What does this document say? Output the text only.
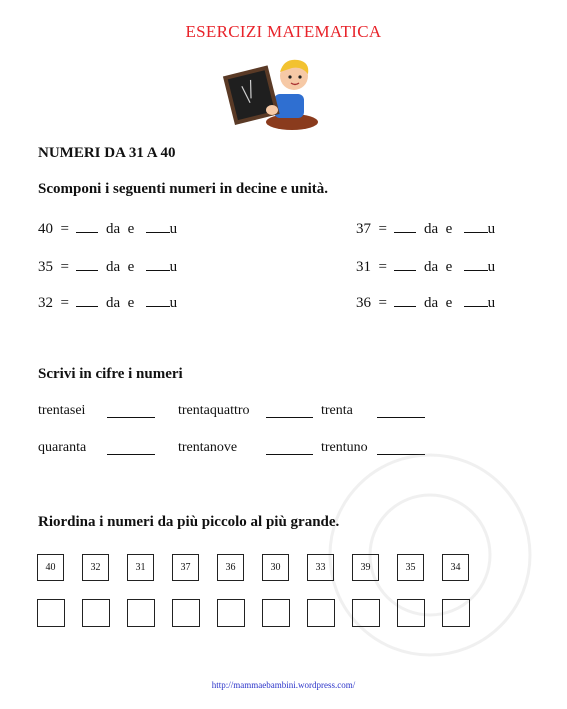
ESERCIZI MATEMATICA
NUMERI DA 31 A 40
Scomponi i seguenti numeri in decine e unità.
40 = da e u	37 = da e u
35 = da e u	31 = da e u
32 = da e u	36 = da e u
Scrivi in cifre i numeri
trentasei	trentaquattro	trenta
quaranta	trentanove	trentuno
Riordina i numeri da più piccolo al più grande.
40	32	31	37	36	30	33	39	35	34
http://mammaebambini.wordpress.com/
